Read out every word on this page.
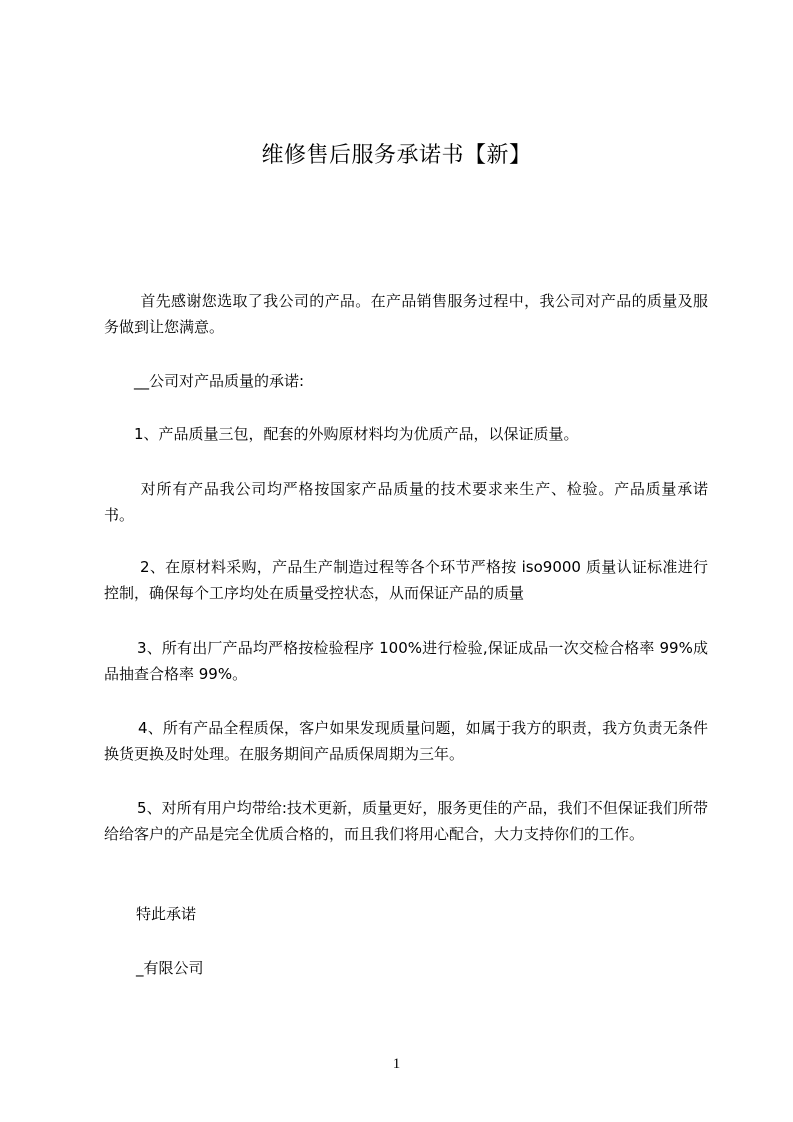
维修售后服务承诺书【新】
首先感谢您选取了我公司的产品。在产品销售服务过程中，我公司对产品的质量及服务做到让您满意。
__公司对产品质量的承诺:
1、产品质量三包，配套的外购原材料均为优质产品，以保证质量。
对所有产品我公司均严格按国家产品质量的技术要求来生产、检验。产品质量承诺书。
2、在原材料采购，产品生产制造过程等各个环节严格按 iso9000 质量认证标准进行控制，确保每个工序均处在质量受控状态，从而保证产品的质量
3、所有出厂产品均严格按检验程序 100%进行检验,保证成品一次交检合格率 99%成品抽查合格率 99%。
4、所有产品全程质保，客户如果发现质量问题，如属于我方的职责，我方负责无条件换货更换及时处理。在服务期间产品质保周期为三年。
5、对所有用户均带给:技术更新，质量更好，服务更佳的产品，我们不但保证我们所带给给客户的产品是完全优质合格的，而且我们将用心配合，大力支持你们的工作。
特此承诺
_有限公司
1
